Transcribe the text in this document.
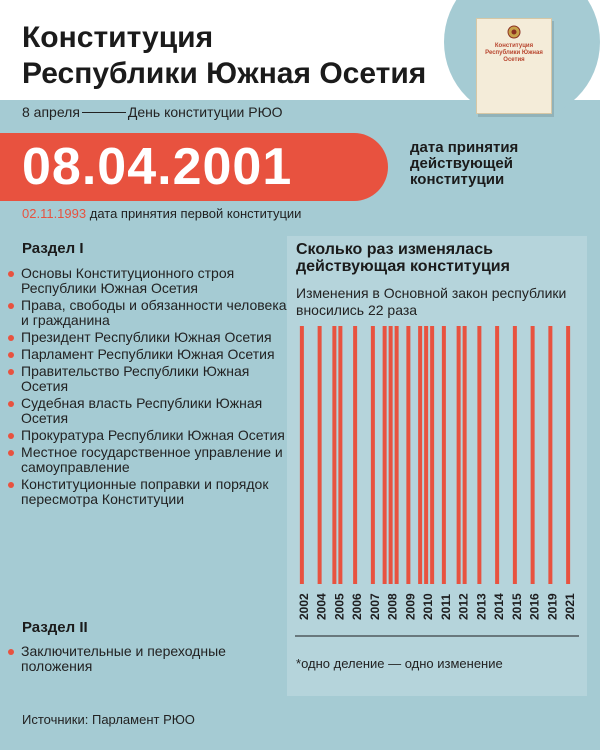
Конституция
Республики Южная Осетия
Конституция Республики Южная Осетия
8 апреля	День конституции РЮО
08.04.2001	дата принятия действующей конституции
02.11.1993 дата принятия первой конституции
Раздел I
Основы Конституционного строя Республики Южная Осетия
Права, свободы и обязанности человека и гражданина
Президент Республики Южная Осетия
Парламент Республики Южная Осетия
Правительство Республики Южная Осетия
Судебная власть Республики Южная Осетия
Прокуратура Республики Южная Осетия
Местное государственное управление и самоуправление
Конституционные поправки и порядок пересмотра Конституции
Раздел II
Заключительные и переходные положения
Сколько раз изменялась действующая конституция
Изменения в Основной закон республики вносились 22 раза
2002 2004 2005 2006 2007 2008 2009 2010 2011 2012 2013 2014 2015 2016 2019 2021
*одно деление — одно изменение
Источники: Парламент РЮО
